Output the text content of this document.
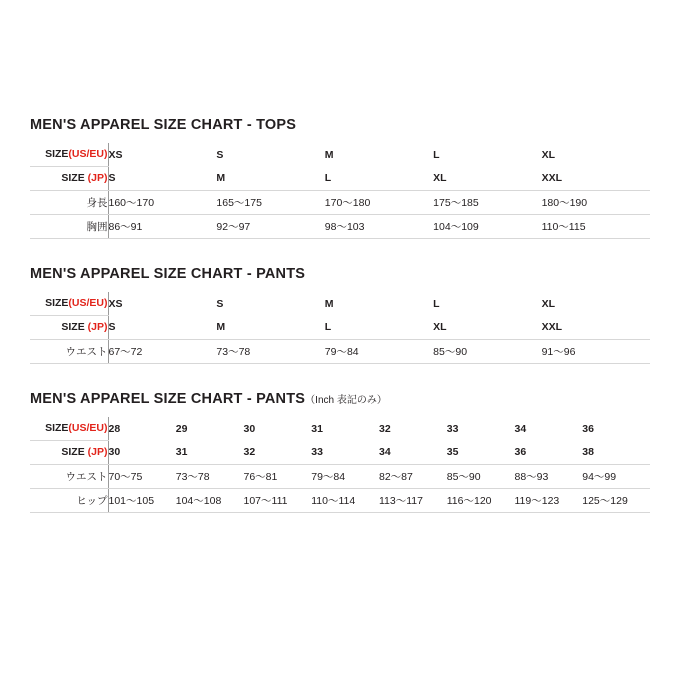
MEN'S APPAREL SIZE CHART - TOPS
SIZE(US/EU)	XS	S	M	L	XL
SIZE (JP)	S	M	L	XL	XXL
身長	160～170	165～175	170～180	175～185	180～190
胸囲	86～91	92～97	98～103	104～109	110～115
MEN'S APPAREL SIZE CHART - PANTS
SIZE(US/EU)	XS	S	M	L	XL
SIZE (JP)	S	M	L	XL	XXL
ウエスト	67～72	73～78	79～84	85～90	91～96
MEN'S APPAREL SIZE CHART - PANTS（Inch 表記のみ）
SIZE(US/EU)	28	29	30	31	32	33	34	36
SIZE (JP)	30	31	32	33	34	35	36	38
ウエスト	70～75	73～78	76～81	79～84	82～87	85～90	88～93	94～99
ヒップ	101～105	104～108	107～111	110～114	113～117	116～120	119～123	125～129
